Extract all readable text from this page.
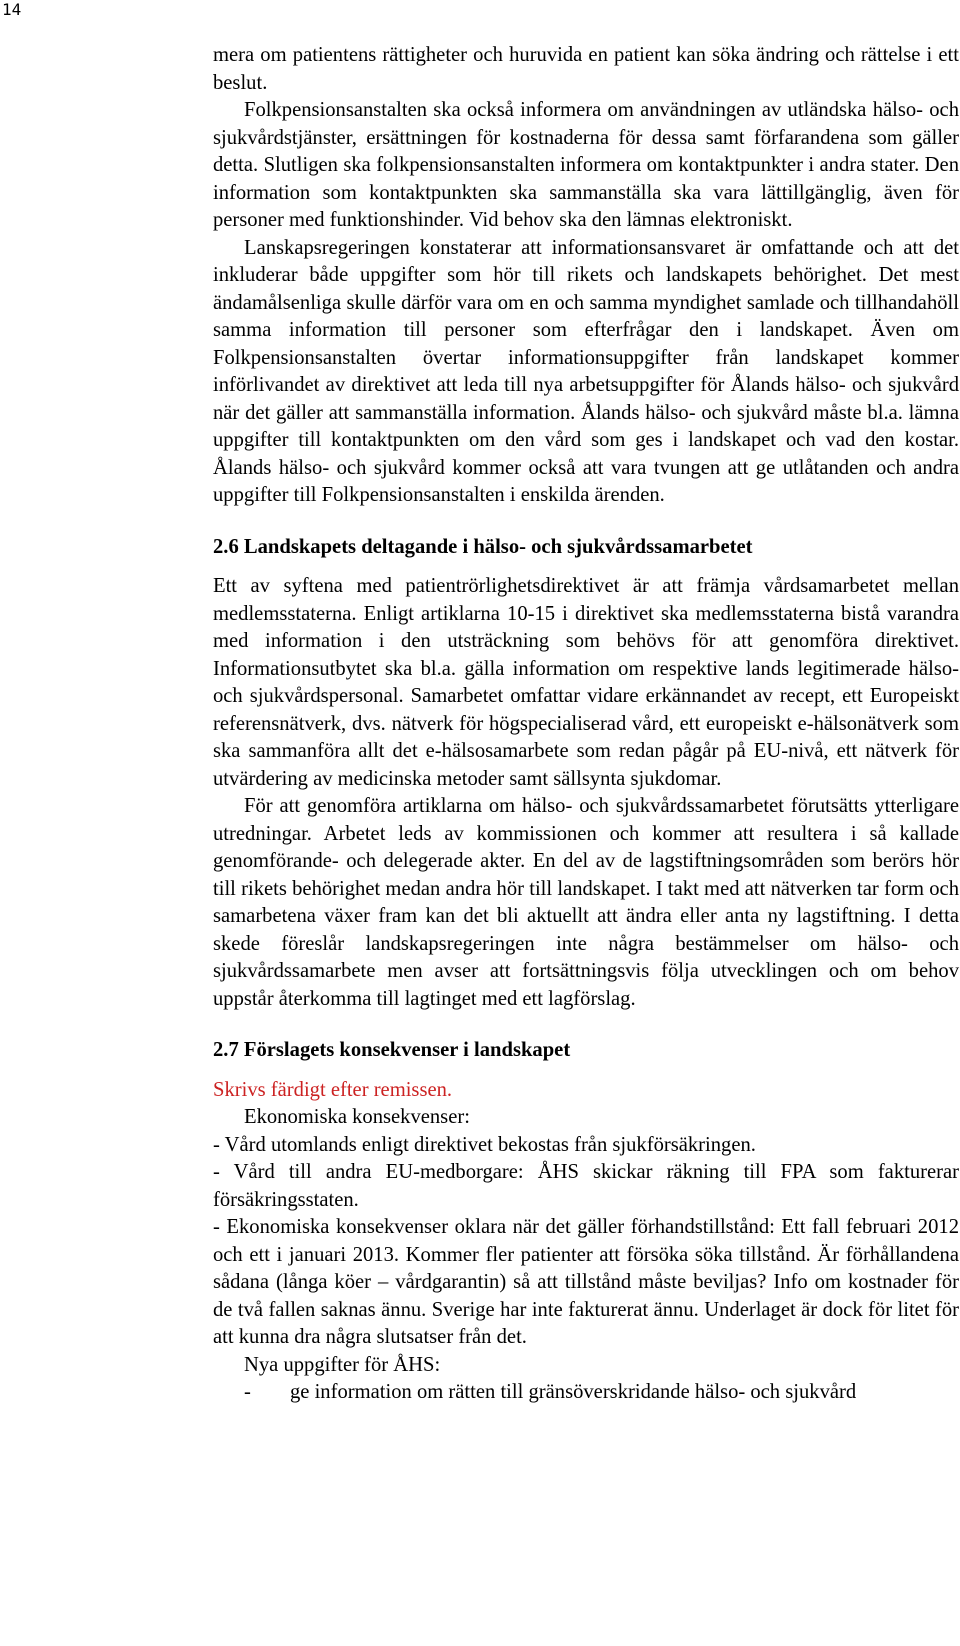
14

mera om patientens rättigheter och huruvida en patient kan söka ändring och rättelse i ett beslut.

Folkpensionsanstalten ska också informera om användningen av utländska hälso- och sjukvårdstjänster, ersättningen för kostnaderna för dessa samt förfarandena som gäller detta. Slutligen ska folkpensionsanstalten informera om kontaktpunkter i andra stater. Den information som kontaktpunkten ska sammanställa ska vara lättillgänglig, även för personer med funktionshinder. Vid behov ska den lämnas elektroniskt.

Lanskapsregeringen konstaterar att informationsansvaret är omfattande och att det inkluderar både uppgifter som hör till rikets och landskapets behörighet. Det mest ändamålsenliga skulle därför vara om en och samma myndighet samlade och tillhandahöll samma information till personer som efterfrågar den i landskapet. Även om Folkpensionsanstalten övertar informationsuppgifter från landskapet kommer införlivandet av direktivet att leda till nya arbetsuppgifter för Ålands hälso- och sjukvård när det gäller att sammanställa information. Ålands hälso- och sjukvård måste bl.a. lämna uppgifter till kontaktpunkten om den vård som ges i landskapet och vad den kostar. Ålands hälso- och sjukvård kommer också att vara tvungen att ge utlåtanden och andra uppgifter till Folkpensionsanstalten i enskilda ärenden.

2.6 Landskapets deltagande i hälso- och sjukvårdssamarbetet

Ett av syftena med patientrörlighetsdirektivet är att främja vårdsamarbetet mellan medlemsstaterna. Enligt artiklarna 10-15 i direktivet ska medlemsstaterna bistå varandra med information i den utsträckning som behövs för att genomföra direktivet. Informationsutbytet ska bl.a. gälla information om respektive lands legitimerade hälso- och sjukvårdspersonal. Samarbetet omfattar vidare erkännandet av recept, ett Europeiskt referensnätverk, dvs. nätverk för högspecialiserad vård, ett europeiskt e-hälsonätverk som ska sammanföra allt det e-hälsosamarbete som redan pågår på EU-nivå, ett nätverk för utvärdering av medicinska metoder samt sällsynta sjukdomar.

För att genomföra artiklarna om hälso- och sjukvårdssamarbetet förutsätts ytterligare utredningar. Arbetet leds av kommissionen och kommer att resultera i så kallade genomförande- och delegerade akter. En del av de lagstiftningsområden som berörs hör till rikets behörighet medan andra hör till landskapet. I takt med att nätverken tar form och samarbetena växer fram kan det bli aktuellt att ändra eller anta ny lagstiftning. I detta skede föreslår landskapsregeringen inte några bestämmelser om hälso- och sjukvårdssamarbete men avser att fortsättningsvis följa utvecklingen och om behov uppstår återkomma till lagtinget med ett lagförslag.

2.7 Förslagets konsekvenser i landskapet

Skrivs färdigt efter remissen.

Ekonomiska konsekvenser:

- Vård utomlands enligt direktivet bekostas från sjukförsäkringen.

- Vård till andra EU-medborgare: ÅHS skickar räkning till FPA som fakturerar försäkringsstaten.

- Ekonomiska konsekvenser oklara när det gäller förhandstillstånd: Ett fall februari 2012 och ett i januari 2013. Kommer fler patienter att försöka söka tillstånd. Är förhållandena sådana (långa köer – vårdgarantin) så att tillstånd måste beviljas? Info om kostnader för de två fallen saknas ännu. Sverige har inte fakturerat ännu. Underlaget är dock för litet för att kunna dra några slutsatser från det.

Nya uppgifter för ÅHS:

-	ge information om rätten till gränsöverskridande hälso- och sjukvård
